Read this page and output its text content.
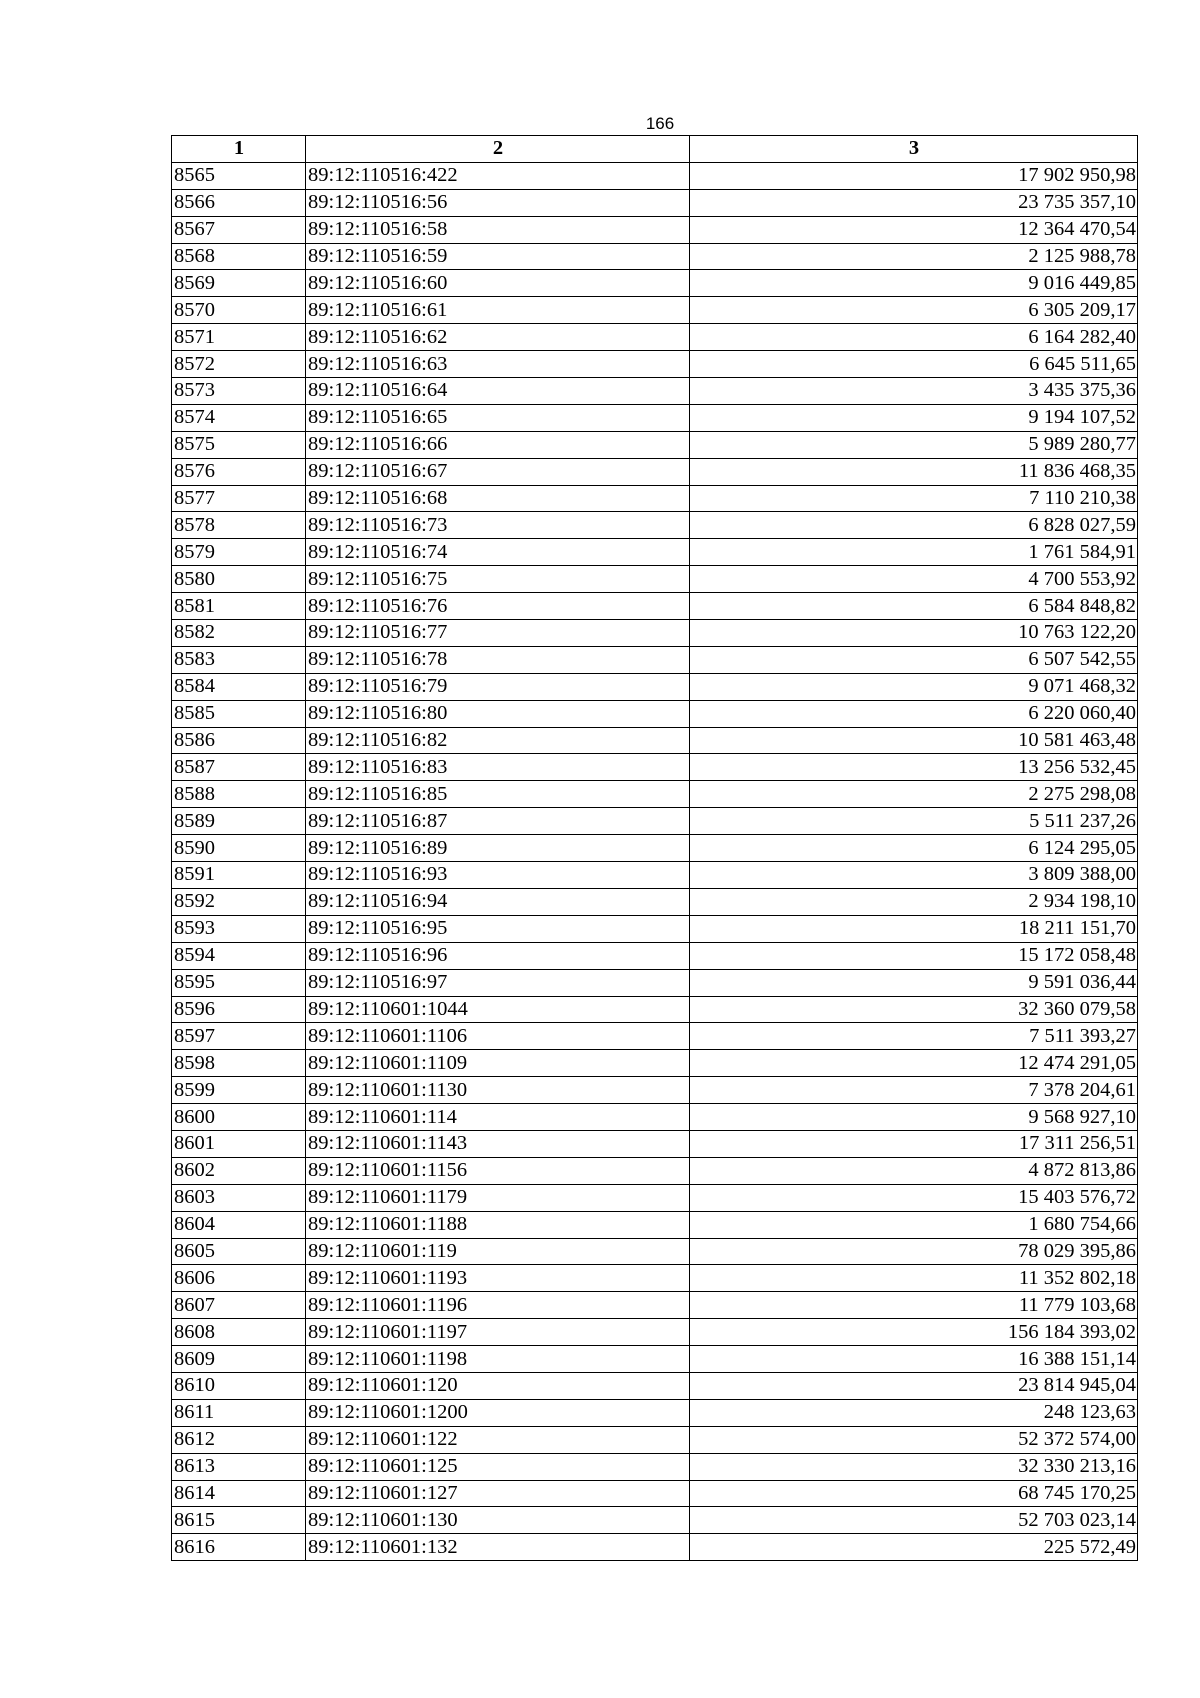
166
1	2	3
8565	89:12:110516:422	17 902 950,98
8566	89:12:110516:56	23 735 357,10
8567	89:12:110516:58	12 364 470,54
8568	89:12:110516:59	2 125 988,78
8569	89:12:110516:60	9 016 449,85
8570	89:12:110516:61	6 305 209,17
8571	89:12:110516:62	6 164 282,40
8572	89:12:110516:63	6 645 511,65
8573	89:12:110516:64	3 435 375,36
8574	89:12:110516:65	9 194 107,52
8575	89:12:110516:66	5 989 280,77
8576	89:12:110516:67	11 836 468,35
8577	89:12:110516:68	7 110 210,38
8578	89:12:110516:73	6 828 027,59
8579	89:12:110516:74	1 761 584,91
8580	89:12:110516:75	4 700 553,92
8581	89:12:110516:76	6 584 848,82
8582	89:12:110516:77	10 763 122,20
8583	89:12:110516:78	6 507 542,55
8584	89:12:110516:79	9 071 468,32
8585	89:12:110516:80	6 220 060,40
8586	89:12:110516:82	10 581 463,48
8587	89:12:110516:83	13 256 532,45
8588	89:12:110516:85	2 275 298,08
8589	89:12:110516:87	5 511 237,26
8590	89:12:110516:89	6 124 295,05
8591	89:12:110516:93	3 809 388,00
8592	89:12:110516:94	2 934 198,10
8593	89:12:110516:95	18 211 151,70
8594	89:12:110516:96	15 172 058,48
8595	89:12:110516:97	9 591 036,44
8596	89:12:110601:1044	32 360 079,58
8597	89:12:110601:1106	7 511 393,27
8598	89:12:110601:1109	12 474 291,05
8599	89:12:110601:1130	7 378 204,61
8600	89:12:110601:114	9 568 927,10
8601	89:12:110601:1143	17 311 256,51
8602	89:12:110601:1156	4 872 813,86
8603	89:12:110601:1179	15 403 576,72
8604	89:12:110601:1188	1 680 754,66
8605	89:12:110601:119	78 029 395,86
8606	89:12:110601:1193	11 352 802,18
8607	89:12:110601:1196	11 779 103,68
8608	89:12:110601:1197	156 184 393,02
8609	89:12:110601:1198	16 388 151,14
8610	89:12:110601:120	23 814 945,04
8611	89:12:110601:1200	248 123,63
8612	89:12:110601:122	52 372 574,00
8613	89:12:110601:125	32 330 213,16
8614	89:12:110601:127	68 745 170,25
8615	89:12:110601:130	52 703 023,14
8616	89:12:110601:132	225 572,49
